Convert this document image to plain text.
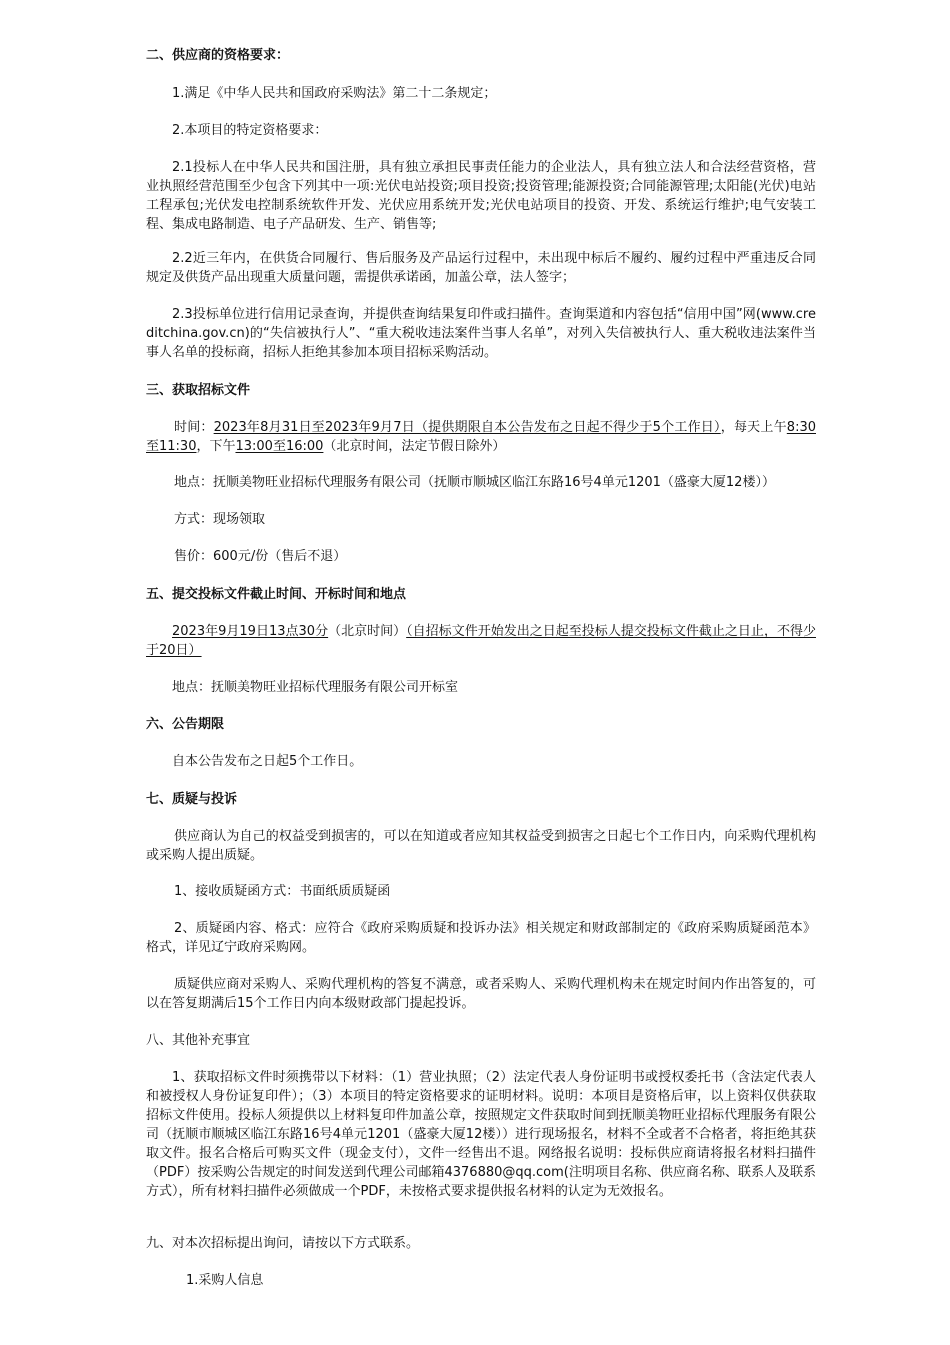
二、供应商的资格要求：
1.满足《中华人民共和国政府采购法》第二十二条规定；
2.本项目的特定资格要求：
2.1投标人在中华人民共和国注册，具有独立承担民事责任能力的企业法人，具有独立法人和合法经营资格，营业执照经营范围至少包含下列其中一项:光伏电站投资;项目投资;投资管理;能源投资;合同能源管理;太阳能(光伏)电站工程承包;光伏发电控制系统软件开发、光伏应用系统开发;光伏电站项目的投资、开发、系统运行维护;电气安装工程、集成电路制造、电子产品研发、生产、销售等;
2.2近三年内，在供货合同履行、售后服务及产品运行过程中，未出现中标后不履约、履约过程中严重违反合同规定及供货产品出现重大质量问题，需提供承诺函，加盖公章，法人签字；
2.3投标单位进行信用记录查询，并提供查询结果复印件或扫描件。查询渠道和内容包括“信用中国”网(www.creditchina.gov.cn)的“失信被执行人”、“重大税收违法案件当事人名单”，对列入失信被执行人、重大税收违法案件当事人名单的投标商，招标人拒绝其参加本项目招标采购活动。
三、获取招标文件
时间：2023年8月31日至2023年9月7日（提供期限自本公告发布之日起不得少于5个工作日），每天上午8:30至11:30，下午13:00至16:00（北京时间，法定节假日除外）
地点：抚顺美物旺业招标代理服务有限公司（抚顺市顺城区临江东路16号4单元1201（盛豪大厦12楼））
方式：现场领取
售价：600元/份（售后不退）
五、提交投标文件截止时间、开标时间和地点
2023年9月19日13点30分（北京时间）（自招标文件开始发出之日起至投标人提交投标文件截止之日止，不得少于20日）
地点：抚顺美物旺业招标代理服务有限公司开标室
六、公告期限
自本公告发布之日起5个工作日。
七、质疑与投诉
供应商认为自己的权益受到损害的，可以在知道或者应知其权益受到损害之日起七个工作日内，向采购代理机构或采购人提出质疑。
1、接收质疑函方式：书面纸质质疑函
2、质疑函内容、格式：应符合《政府采购质疑和投诉办法》相关规定和财政部制定的《政府采购质疑函范本》格式，详见辽宁政府采购网。
质疑供应商对采购人、采购代理机构的答复不满意，或者采购人、采购代理机构未在规定时间内作出答复的，可以在答复期满后15个工作日内向本级财政部门提起投诉。
八、其他补充事宜
1、获取招标文件时须携带以下材料：（1）营业执照；（2）法定代表人身份证明书或授权委托书（含法定代表人和被授权人身份证复印件）；（3）本项目的特定资格要求的证明材料。说明：本项目是资格后审，以上资料仅供获取招标文件使用。投标人须提供以上材料复印件加盖公章，按照规定文件获取时间到抚顺美物旺业招标代理服务有限公司（抚顺市顺城区临江东路16号4单元1201（盛豪大厦12楼））进行现场报名，材料不全或者不合格者，将拒绝其获取文件。报名合格后可购买文件（现金支付），文件一经售出不退。网络报名说明：投标供应商请将报名材料扫描件（PDF）按采购公告规定的时间发送到代理公司邮箱4376880@qq.com(注明项目名称、供应商名称、联系人及联系方式），所有材料扫描件必须做成一个PDF，未按格式要求提供报名材料的认定为无效报名。
九、对本次招标提出询问，请按以下方式联系。
1.采购人信息
